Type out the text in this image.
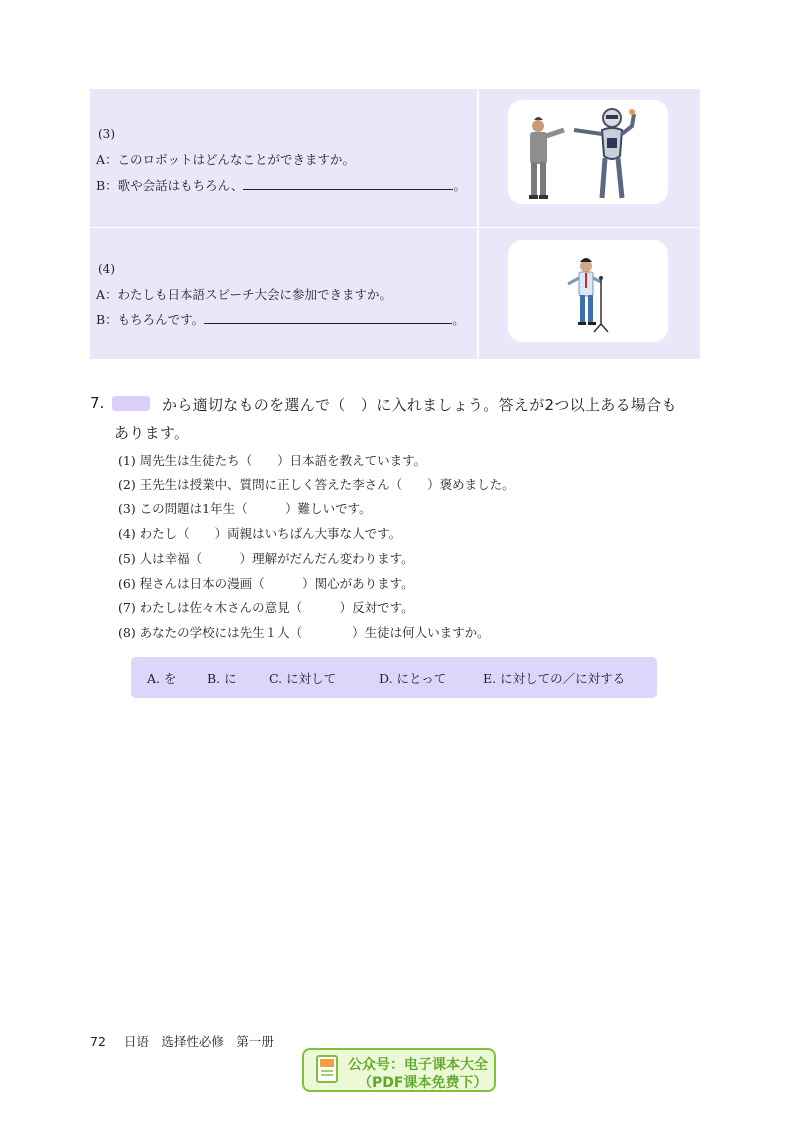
(3)
A：このロボットはどんなことができますか。
B：歌や会話はもちろん、	。
(4)
A：わたしも日本語スピーチ大会に参加できますか。
B：もちろんです。	。
7.	から適切なものを選んで（　）に入れましょう。答えが2つ以上ある場合も
あります。
(1) 周先生は生徒たち（　　）日本語を教えています。
(2) 王先生は授業中、質問に正しく答えた李さん（　　）褒めました。
(3) この問題は1年生（　　　）難しいです。
(4) わたし（　　）両親はいちばん大事な人です。
(5) 人は幸福（　　　）理解がだんだん変わります。
(6) 程さんは日本の漫画（　　　）関心があります。
(7) わたしは佐々木さんの意見（　　　）反対です。
(8) あなたの学校には先生１人（　　　　）生徒は何人いますか。
A. を B. に	C. に対して	D. にとって	E. に対しての／に対する
72 日语　选择性必修　第一册
公众号：电子课本大全
（PDF课本免费下）
